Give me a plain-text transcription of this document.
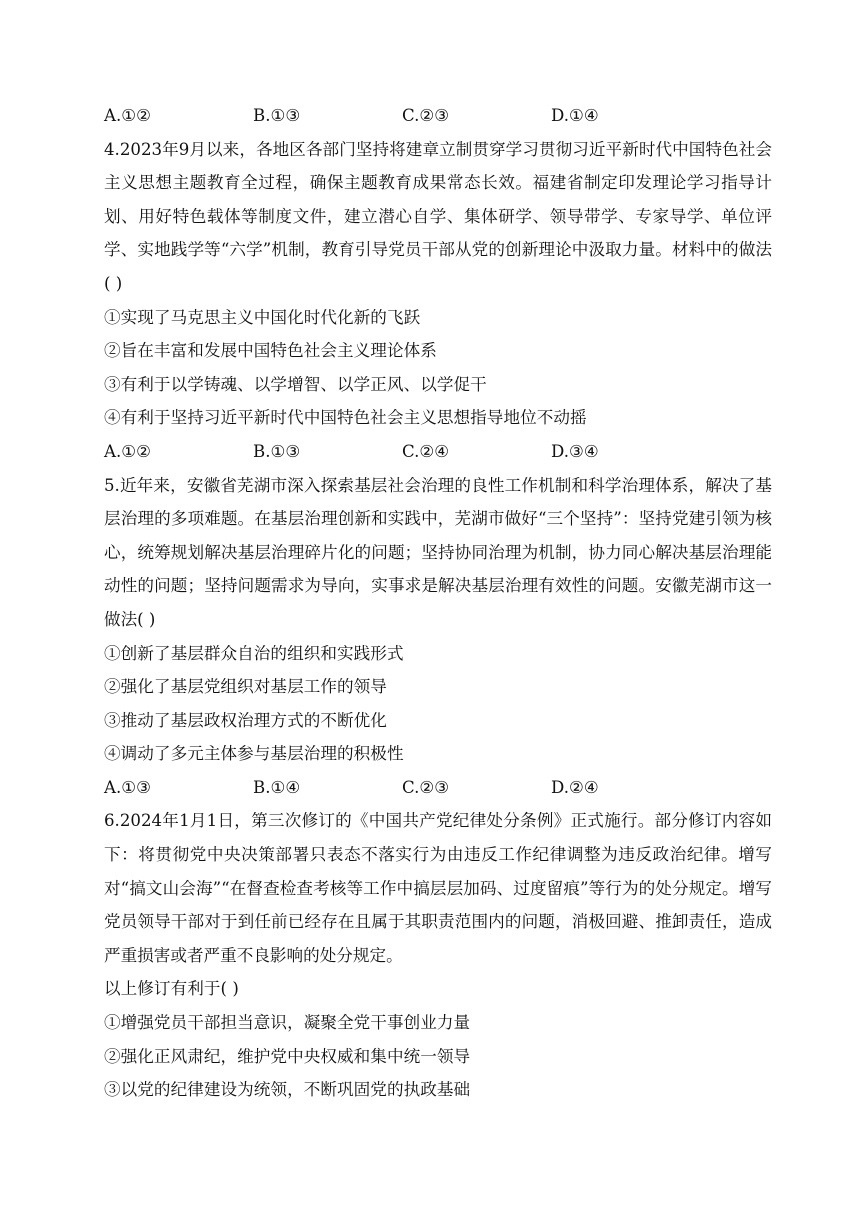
A.①②	B.①③	C.②③	D.①④

4.2023年9月以来，各地区各部门坚持将建章立制贯穿学习贯彻习近平新时代中国特色社会主义思想主题教育全过程，确保主题教育成果常态长效。福建省制定印发理论学习指导计划、用好特色载体等制度文件，建立潜心自学、集体研学、领导带学、专家导学、单位评学、实地践学等“六学”机制，教育引导党员干部从党的创新理论中汲取力量。材料中的做法( )

①实现了马克思主义中国化时代化新的飞跃
②旨在丰富和发展中国特色社会主义理论体系
③有利于以学铸魂、以学增智、以学正风、以学促干
④有利于坚持习近平新时代中国特色社会主义思想指导地位不动摇
A.①②	B.①③	C.②④	D.③④

5.近年来，安徽省芜湖市深入探索基层社会治理的良性工作机制和科学治理体系，解决了基层治理的多项难题。在基层治理创新和实践中，芜湖市做好“三个坚持”：坚持党建引领为核心，统筹规划解决基层治理碎片化的问题；坚持协同治理为机制，协力同心解决基层治理能动性的问题；坚持问题需求为导向，实事求是解决基层治理有效性的问题。安徽芜湖市这一做法( )

①创新了基层群众自治的组织和实践形式
②强化了基层党组织对基层工作的领导
③推动了基层政权治理方式的不断优化
④调动了多元主体参与基层治理的积极性
A.①③	B.①④	C.②③	D.②④

6.2024年1月1日，第三次修订的《中国共产党纪律处分条例》正式施行。部分修订内容如下：将贯彻党中央决策部署只表态不落实行为由违反工作纪律调整为违反政治纪律。增写对“搞文山会海”“在督查检查考核等工作中搞层层加码、过度留痕”等行为的处分规定。增写党员领导干部对于到任前已经存在且属于其职责范围内的问题，消极回避、推卸责任，造成严重损害或者严重不良影响的处分规定。

以上修订有利于( )
①增强党员干部担当意识，凝聚全党干事创业力量
②强化正风肃纪，维护党中央权威和集中统一领导
③以党的纪律建设为统领，不断巩固党的执政基础
